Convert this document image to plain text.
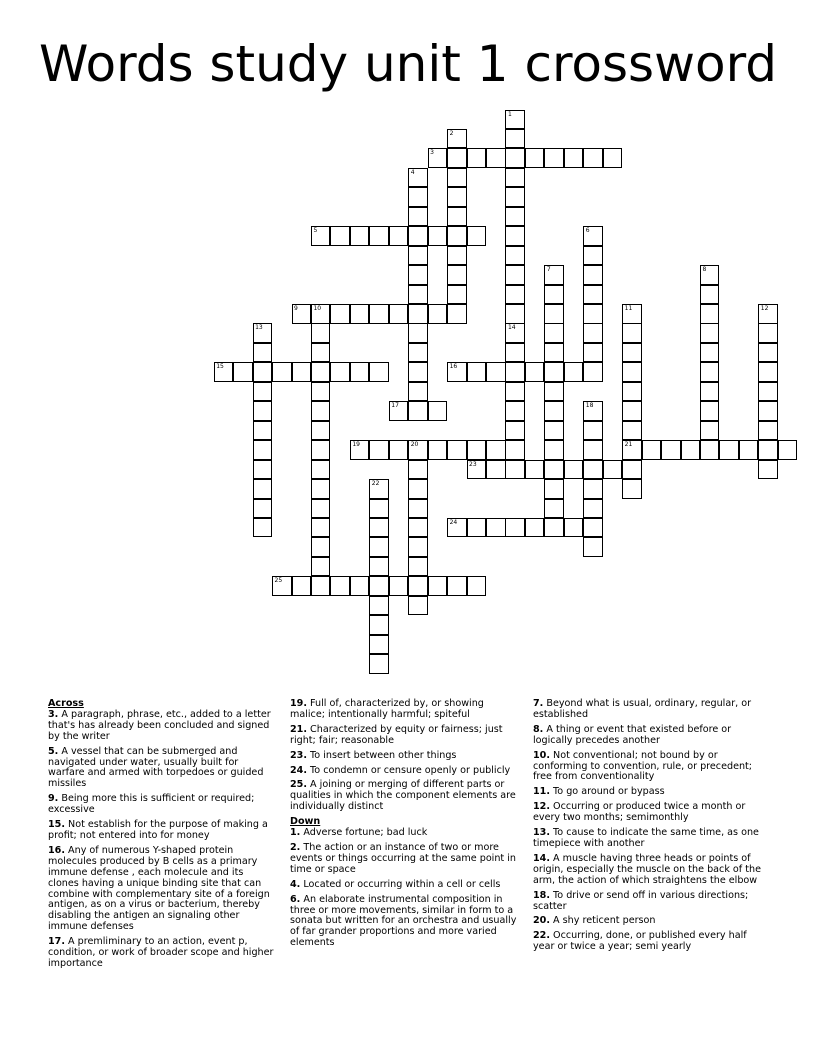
Words study unit 1 crossword
3
5
9	10
15	16
17
19	20	21
23
24
25
1
14
2
4
6
7	8
11	12
13
18
22
Across
3. A paragraph, phrase, etc., added to a letter that's has already been concluded and signed by the writer
5. A vessel that can be submerged and navigated under water, usually built for warfare and armed with torpedoes or guided missiles
9. Being more this is sufficient or required; excessive
15. Not establish for the purpose of making a profit; not entered into for money
16. Any of numerous Y-shaped protein molecules produced by B cells as a primary immune defense , each molecule and its clones having a unique binding site that can combine with complementary site of a foreign antigen, as on a virus or bacterium, thereby disabling the antigen an signaling other immune defenses
17. A premliminary to an action, event p, condition, or work of broader scope and higher importance
19. Full of, characterized by, or showing malice; intentionally harmful; spiteful
21. Characterized by equity or fairness; just right; fair; reasonable
23. To insert between other things
24. To condemn or censure openly or publicly
25. A joining or merging of different parts or qualities in which the component elements are individually distinct
Down
1. Adverse fortune; bad luck
2. The action or an instance of two or more events or things occurring at the same point in time or space
4. Located or occurring within a cell or cells
6. An elaborate instrumental composition in three or more movements, similar in form to a sonata but written for an orchestra and usually of far grander proportions and more varied elements
7. Beyond what is usual, ordinary, regular, or established
8. A thing or event that existed before or logically precedes another
10. Not conventional; not bound by or conforming to convention, rule, or precedent; free from conventionality
11. To go around or bypass
12. Occurring or produced twice a month or every two months; semimonthly
13. To cause to indicate the same time, as one timepiece with another
14. A muscle having three heads or points of origin, especially the muscle on the back of the arm, the action of which straightens the elbow
18. To drive or send off in various directions; scatter
20. A shy reticent person
22. Occurring, done, or published every half year or twice a year; semi yearly
